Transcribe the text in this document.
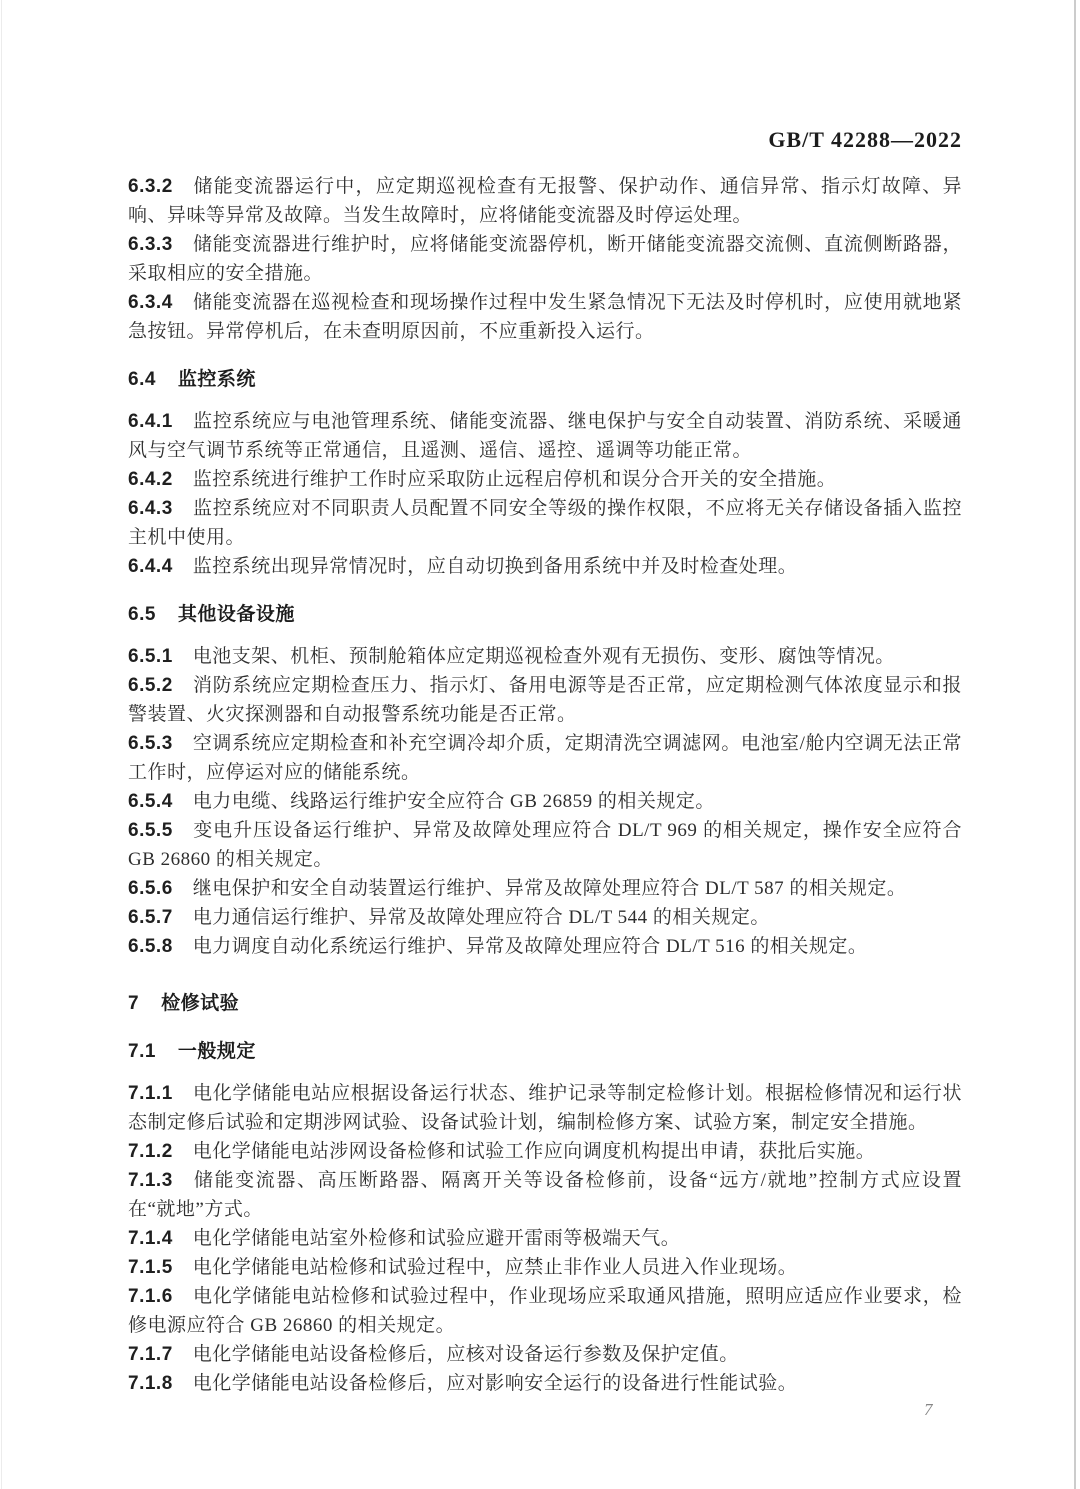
GB/T 42288—2022

6.3.2 储能变流器运行中，应定期巡视检查有无报警、保护动作、通信异常、指示灯故障、异响、异味等异常及故障。当发生故障时，应将储能变流器及时停运处理。

6.3.3 储能变流器进行维护时，应将储能变流器停机，断开储能变流器交流侧、直流侧断路器，采取相应的安全措施。

6.3.4 储能变流器在巡视检查和现场操作过程中发生紧急情况下无法及时停机时，应使用就地紧急按钮。异常停机后，在未查明原因前，不应重新投入运行。

6.4 监控系统

6.4.1 监控系统应与电池管理系统、储能变流器、继电保护与安全自动装置、消防系统、采暖通风与空气调节系统等正常通信，且遥测、遥信、遥控、遥调等功能正常。

6.4.2 监控系统进行维护工作时应采取防止远程启停机和误分合开关的安全措施。

6.4.3 监控系统应对不同职责人员配置不同安全等级的操作权限，不应将无关存储设备插入监控主机中使用。

6.4.4 监控系统出现异常情况时，应自动切换到备用系统中并及时检查处理。

6.5 其他设备设施

6.5.1 电池支架、机柜、预制舱箱体应定期巡视检查外观有无损伤、变形、腐蚀等情况。

6.5.2 消防系统应定期检查压力、指示灯、备用电源等是否正常，应定期检测气体浓度显示和报警装置、火灾探测器和自动报警系统功能是否正常。

6.5.3 空调系统应定期检查和补充空调冷却介质，定期清洗空调滤网。电池室/舱内空调无法正常工作时，应停运对应的储能系统。

6.5.4 电力电缆、线路运行维护安全应符合 GB 26859 的相关规定。

6.5.5 变电升压设备运行维护、异常及故障处理应符合 DL/T 969 的相关规定，操作安全应符合 GB 26860 的相关规定。

6.5.6 继电保护和安全自动装置运行维护、异常及故障处理应符合 DL/T 587 的相关规定。

6.5.7 电力通信运行维护、异常及故障处理应符合 DL/T 544 的相关规定。

6.5.8 电力调度自动化系统运行维护、异常及故障处理应符合 DL/T 516 的相关规定。

7 检修试验

7.1 一般规定

7.1.1 电化学储能电站应根据设备运行状态、维护记录等制定检修计划。根据检修情况和运行状态制定修后试验和定期涉网试验、设备试验计划，编制检修方案、试验方案，制定安全措施。

7.1.2 电化学储能电站涉网设备检修和试验工作应向调度机构提出申请，获批后实施。

7.1.3 储能变流器、高压断路器、隔离开关等设备检修前，设备“远方/就地”控制方式应设置在“就地”方式。

7.1.4 电化学储能电站室外检修和试验应避开雷雨等极端天气。

7.1.5 电化学储能电站检修和试验过程中，应禁止非作业人员进入作业现场。

7.1.6 电化学储能电站检修和试验过程中，作业现场应采取通风措施，照明应适应作业要求，检修电源应符合 GB 26860 的相关规定。

7.1.7 电化学储能电站设备检修后，应核对设备运行参数及保护定值。

7.1.8 电化学储能电站设备检修后，应对影响安全运行的设备进行性能试验。

7
